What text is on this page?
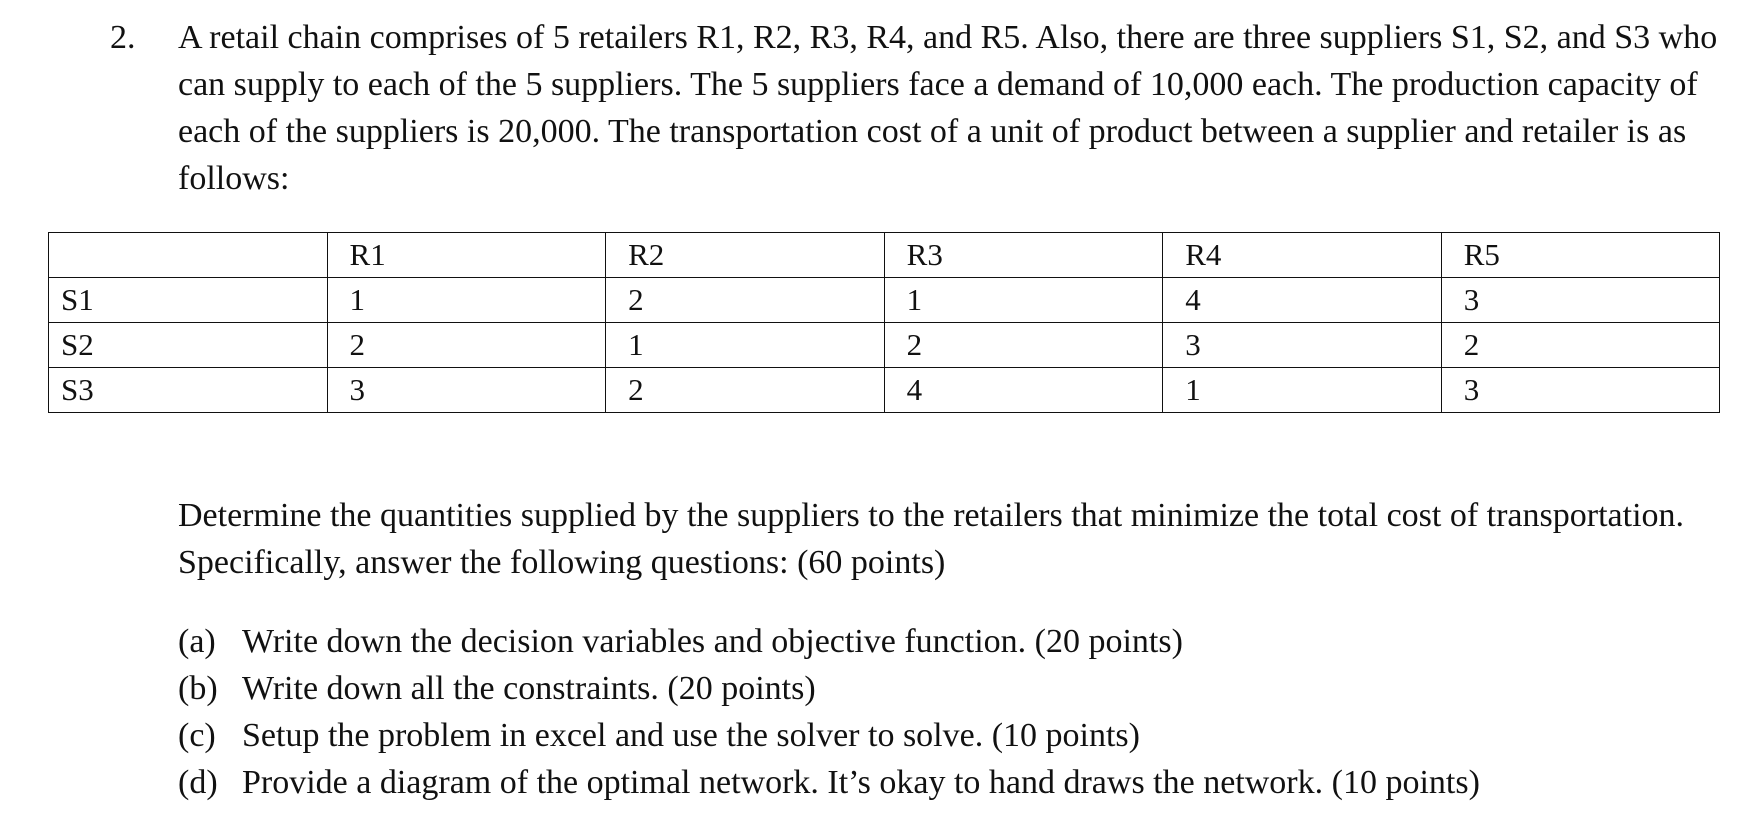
2.	A retail chain comprises of 5 retailers R1, R2, R3, R4, and R5. Also, there are three suppliers S1, S2, and S3 who can supply to each of the 5 suppliers. The 5 suppliers face a demand of 10,000 each. The production capacity of each of the suppliers is 20,000. The transportation cost of a unit of product between a supplier and retailer is as follows:
	R1	R2	R3	R4	R5
S1	1	2	1	4	3
S2	2	1	2	3	2
S3	3	2	4	1	3
Determine the quantities supplied by the suppliers to the retailers that minimize the total cost of transportation. Specifically, answer the following questions: (60 points)
(a) Write down the decision variables and objective function. (20 points)
(b) Write down all the constraints. (20 points)
(c) Setup the problem in excel and use the solver to solve. (10 points)
(d) Provide a diagram of the optimal network. It’s okay to hand draws the network. (10 points)
